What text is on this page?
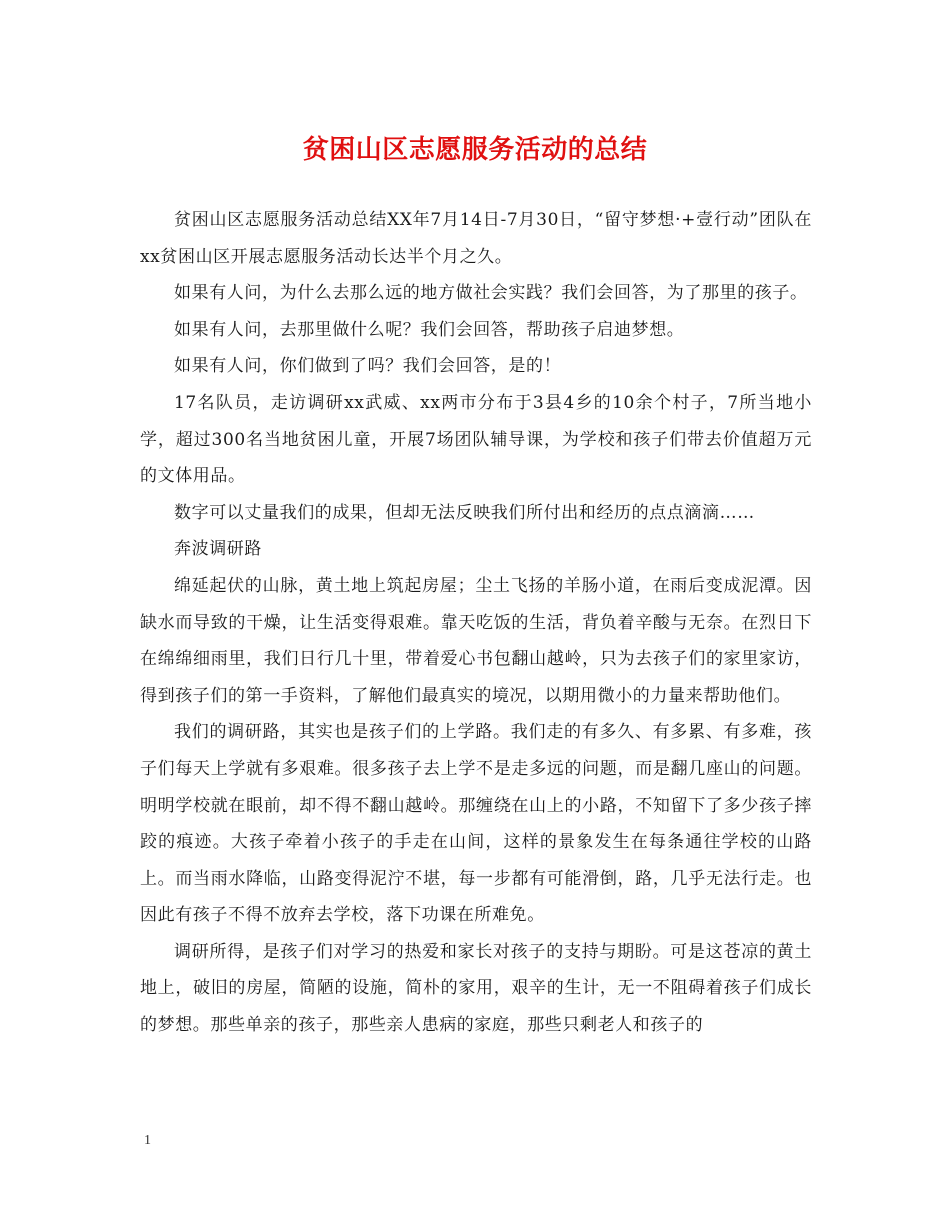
贫困山区志愿服务活动的总结

贫困山区志愿服务活动总结XX年7月14日-7月30日，“留守梦想·+壹行动”团队在xx贫困山区开展志愿服务活动长达半个月之久。

如果有人问，为什么去那么远的地方做社会实践？我们会回答，为了那里的孩子。

如果有人问，去那里做什么呢？我们会回答，帮助孩子启迪梦想。

如果有人问，你们做到了吗？我们会回答，是的！

17名队员，走访调研xx武威、xx两市分布于3县4乡的10余个村子，7所当地小学，超过300名当地贫困儿童，开展7场团队辅导课，为学校和孩子们带去价值超万元的文体用品。

数字可以丈量我们的成果，但却无法反映我们所付出和经历的点点滴滴……

奔波调研路

绵延起伏的山脉，黄土地上筑起房屋；尘土飞扬的羊肠小道，在雨后变成泥潭。因缺水而导致的干燥，让生活变得艰难。靠天吃饭的生活，背负着辛酸与无奈。在烈日下在绵绵细雨里，我们日行几十里，带着爱心书包翻山越岭，只为去孩子们的家里家访，得到孩子们的第一手资料，了解他们最真实的境况，以期用微小的力量来帮助他们。

我们的调研路，其实也是孩子们的上学路。我们走的有多久、有多累、有多难，孩子们每天上学就有多艰难。很多孩子去上学不是走多远的问题，而是翻几座山的问题。明明学校就在眼前，却不得不翻山越岭。那缠绕在山上的小路，不知留下了多少孩子摔跤的痕迹。大孩子牵着小孩子的手走在山间，这样的景象发生在每条通往学校的山路上。而当雨水降临，山路变得泥泞不堪，每一步都有可能滑倒，路，几乎无法行走。也因此有孩子不得不放弃去学校，落下功课在所难免。

调研所得，是孩子们对学习的热爱和家长对孩子的支持与期盼。可是这苍凉的黄土地上，破旧的房屋，简陋的设施，简朴的家用，艰辛的生计，无一不阻碍着孩子们成长的梦想。那些单亲的孩子，那些亲人患病的家庭，那些只剩老人和孩子的

1
